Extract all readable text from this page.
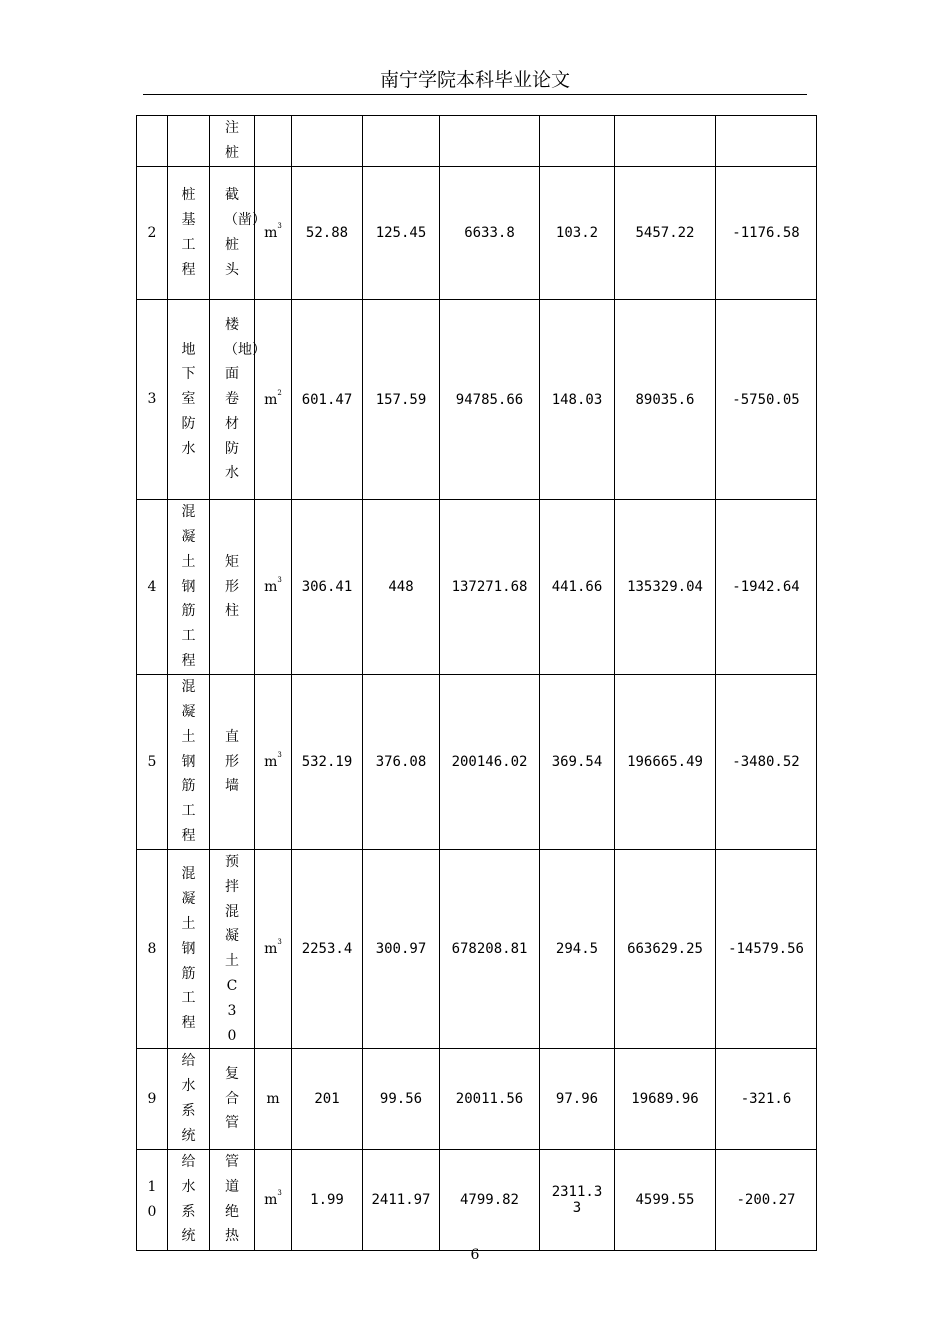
南宁学院本科毕业论文
		注桩							
2	桩基工程	截（凿）桩头	$m^3$	52.88	125.45	6633.8	103.2	5457.22	-1176.58
3	地下室防水	楼（地）面卷材防水	$m^2$	601.47	157.59	94785.66	148.03	89035.6	-5750.05
4	混凝土钢筋工程	矩形柱	$m^3$	306.41	448	137271.68	441.66	135329.04	-1942.64
5	混凝土钢筋工程	直形墙	$m^3$	532.19	376.08	200146.02	369.54	196665.49	-3480.52
8	混凝土钢筋工程	预拌混凝土C30	$m^3$	2253.4	300.97	678208.81	294.5	663629.25	-14579.56
9	给水系统	复合管	m	201	99.56	20011.56	97.96	19689.96	-321.6
10	给水系统	管道绝热	$m^3$	1.99	2411.97	4799.82	2311.33	4599.55	-200.27
6
